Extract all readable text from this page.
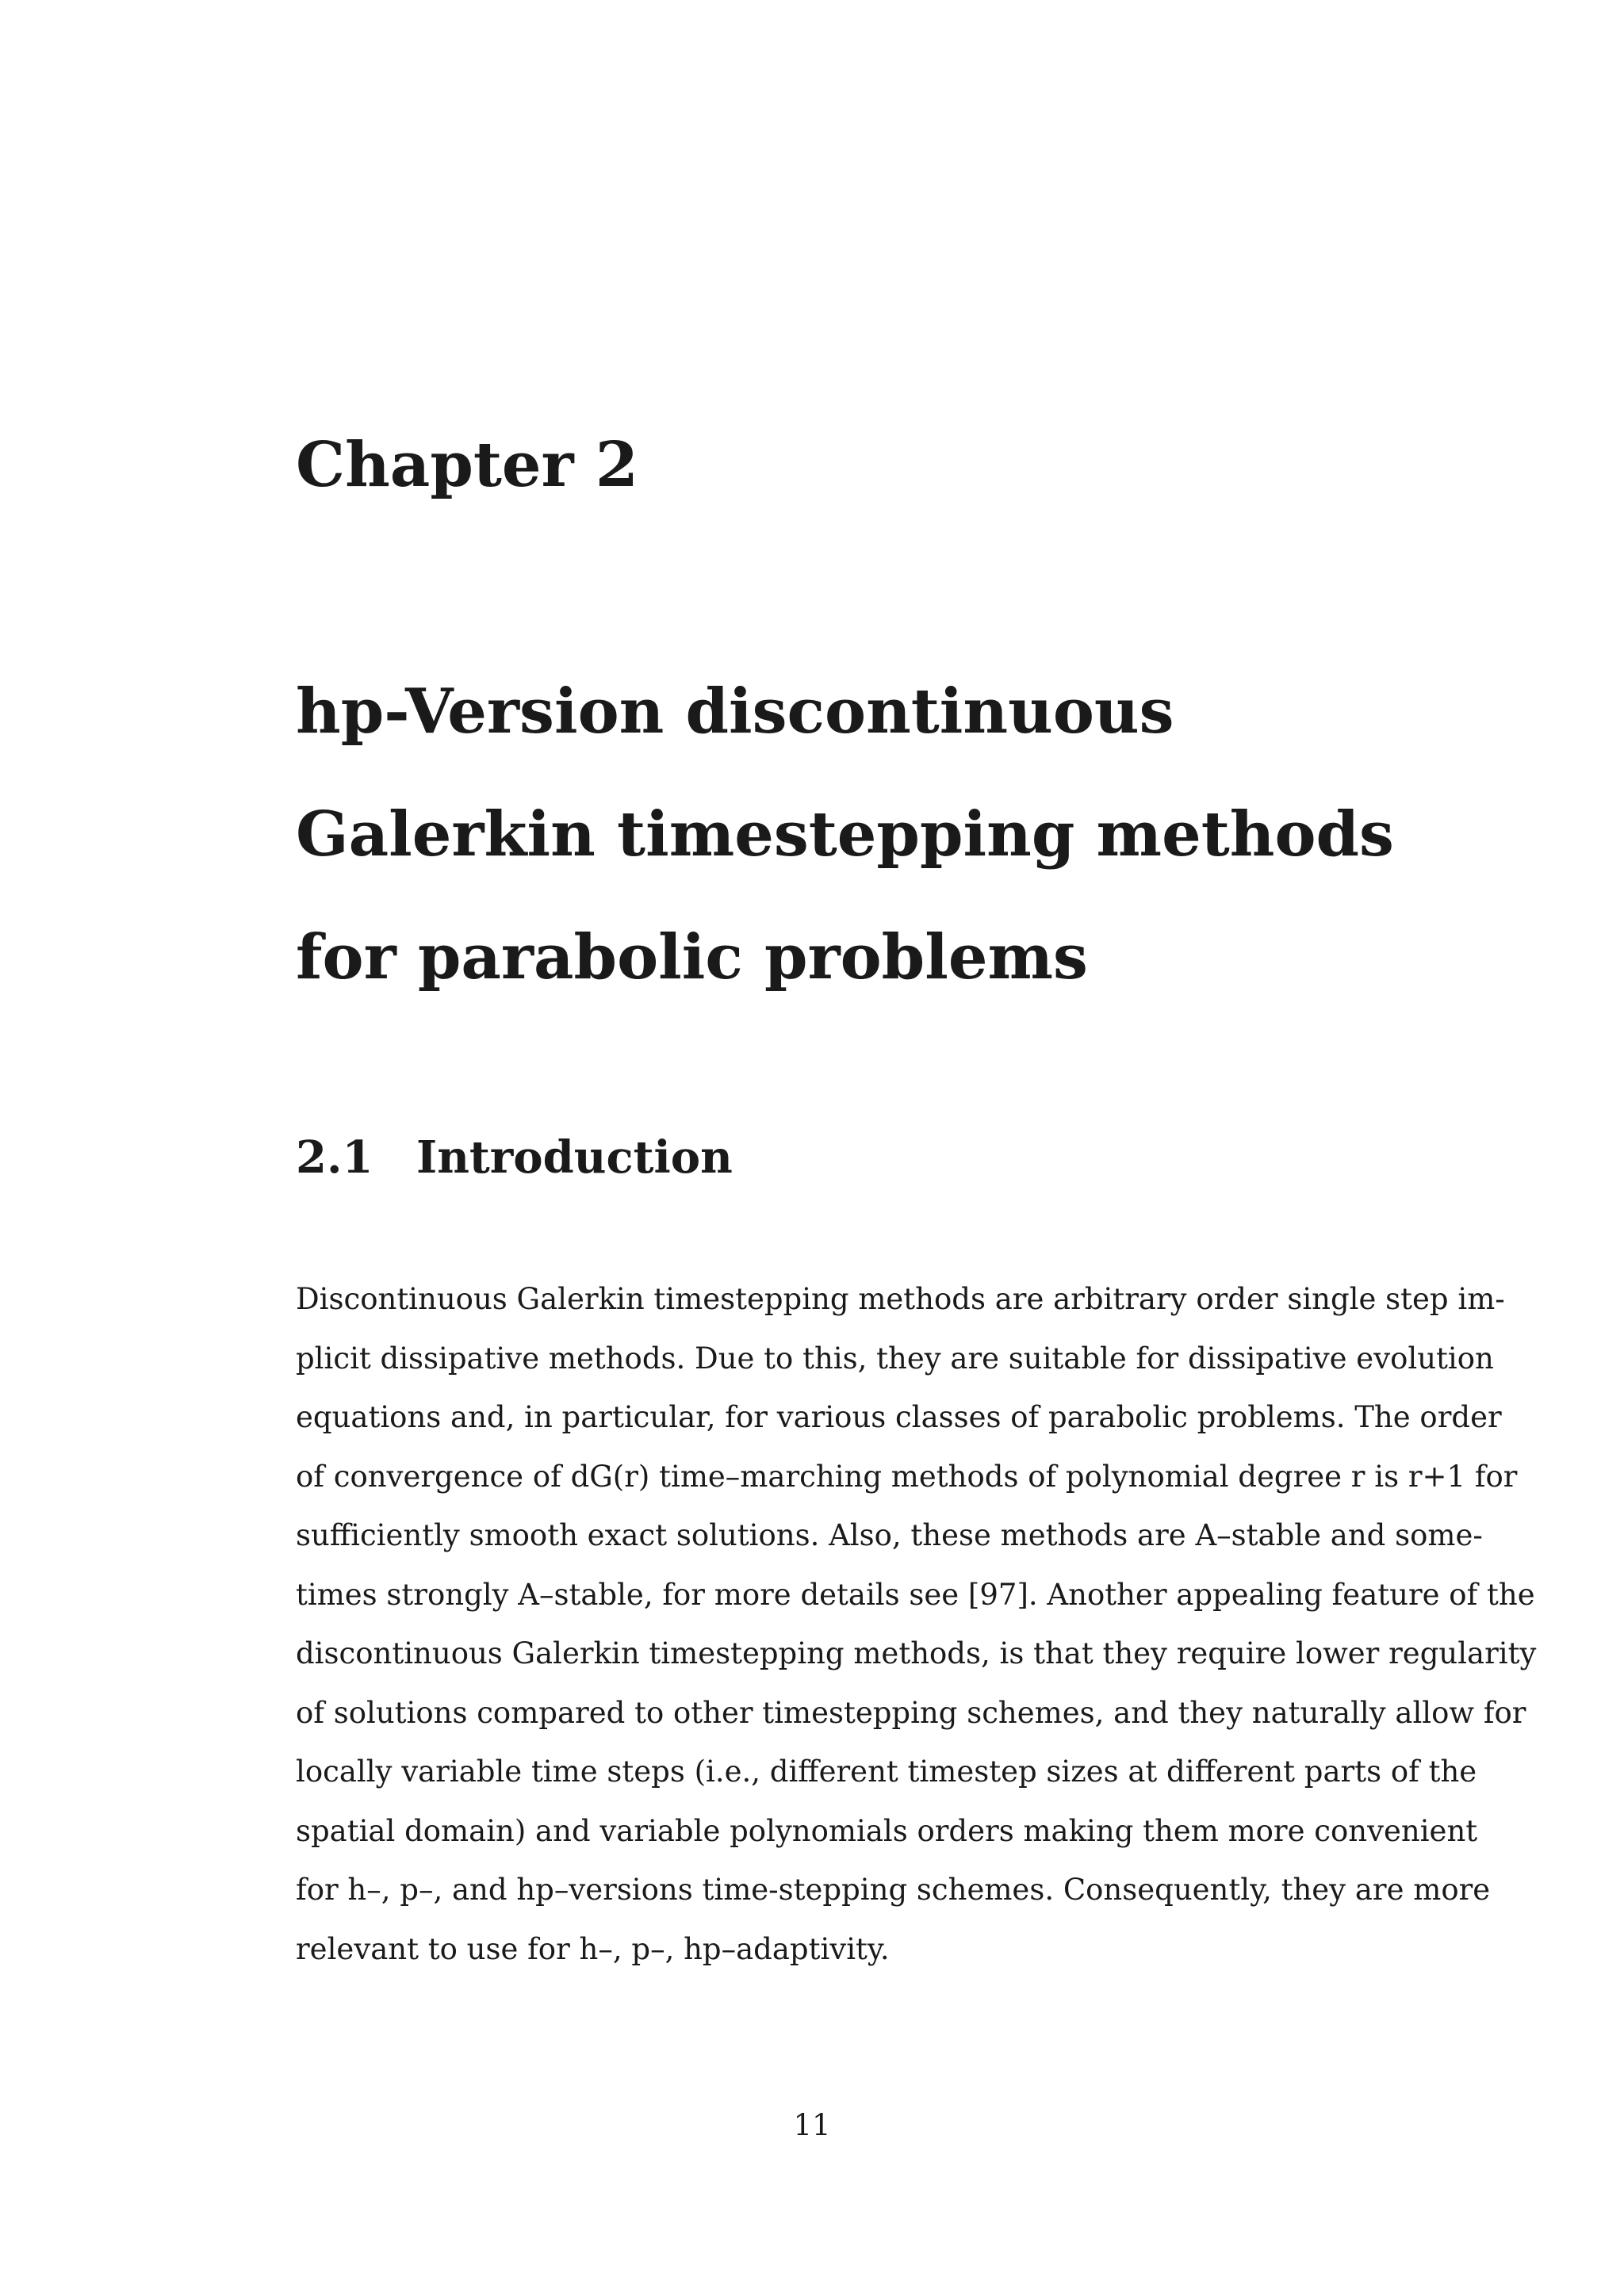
Chapter 2
hp-Version discontinuous
Galerkin timestepping methods
for parabolic problems
2.1 Introduction
Discontinuous Galerkin timestepping methods are arbitrary order single step im-
plicit dissipative methods. Due to this, they are suitable for dissipative evolution
equations and, in particular, for various classes of parabolic problems. The order
of convergence of dG(r) time–marching methods of polynomial degree r is r+1 for
sufficiently smooth exact solutions. Also, these methods are A–stable and some-
times strongly A–stable, for more details see [97]. Another appealing feature of the
discontinuous Galerkin timestepping methods, is that they require lower regularity
of solutions compared to other timestepping schemes, and they naturally allow for
locally variable time steps (i.e., different timestep sizes at different parts of the
spatial domain) and variable polynomials orders making them more convenient
for h–, p–, and hp–versions time-stepping schemes. Consequently, they are more
relevant to use for h–, p–, hp–adaptivity.
11
